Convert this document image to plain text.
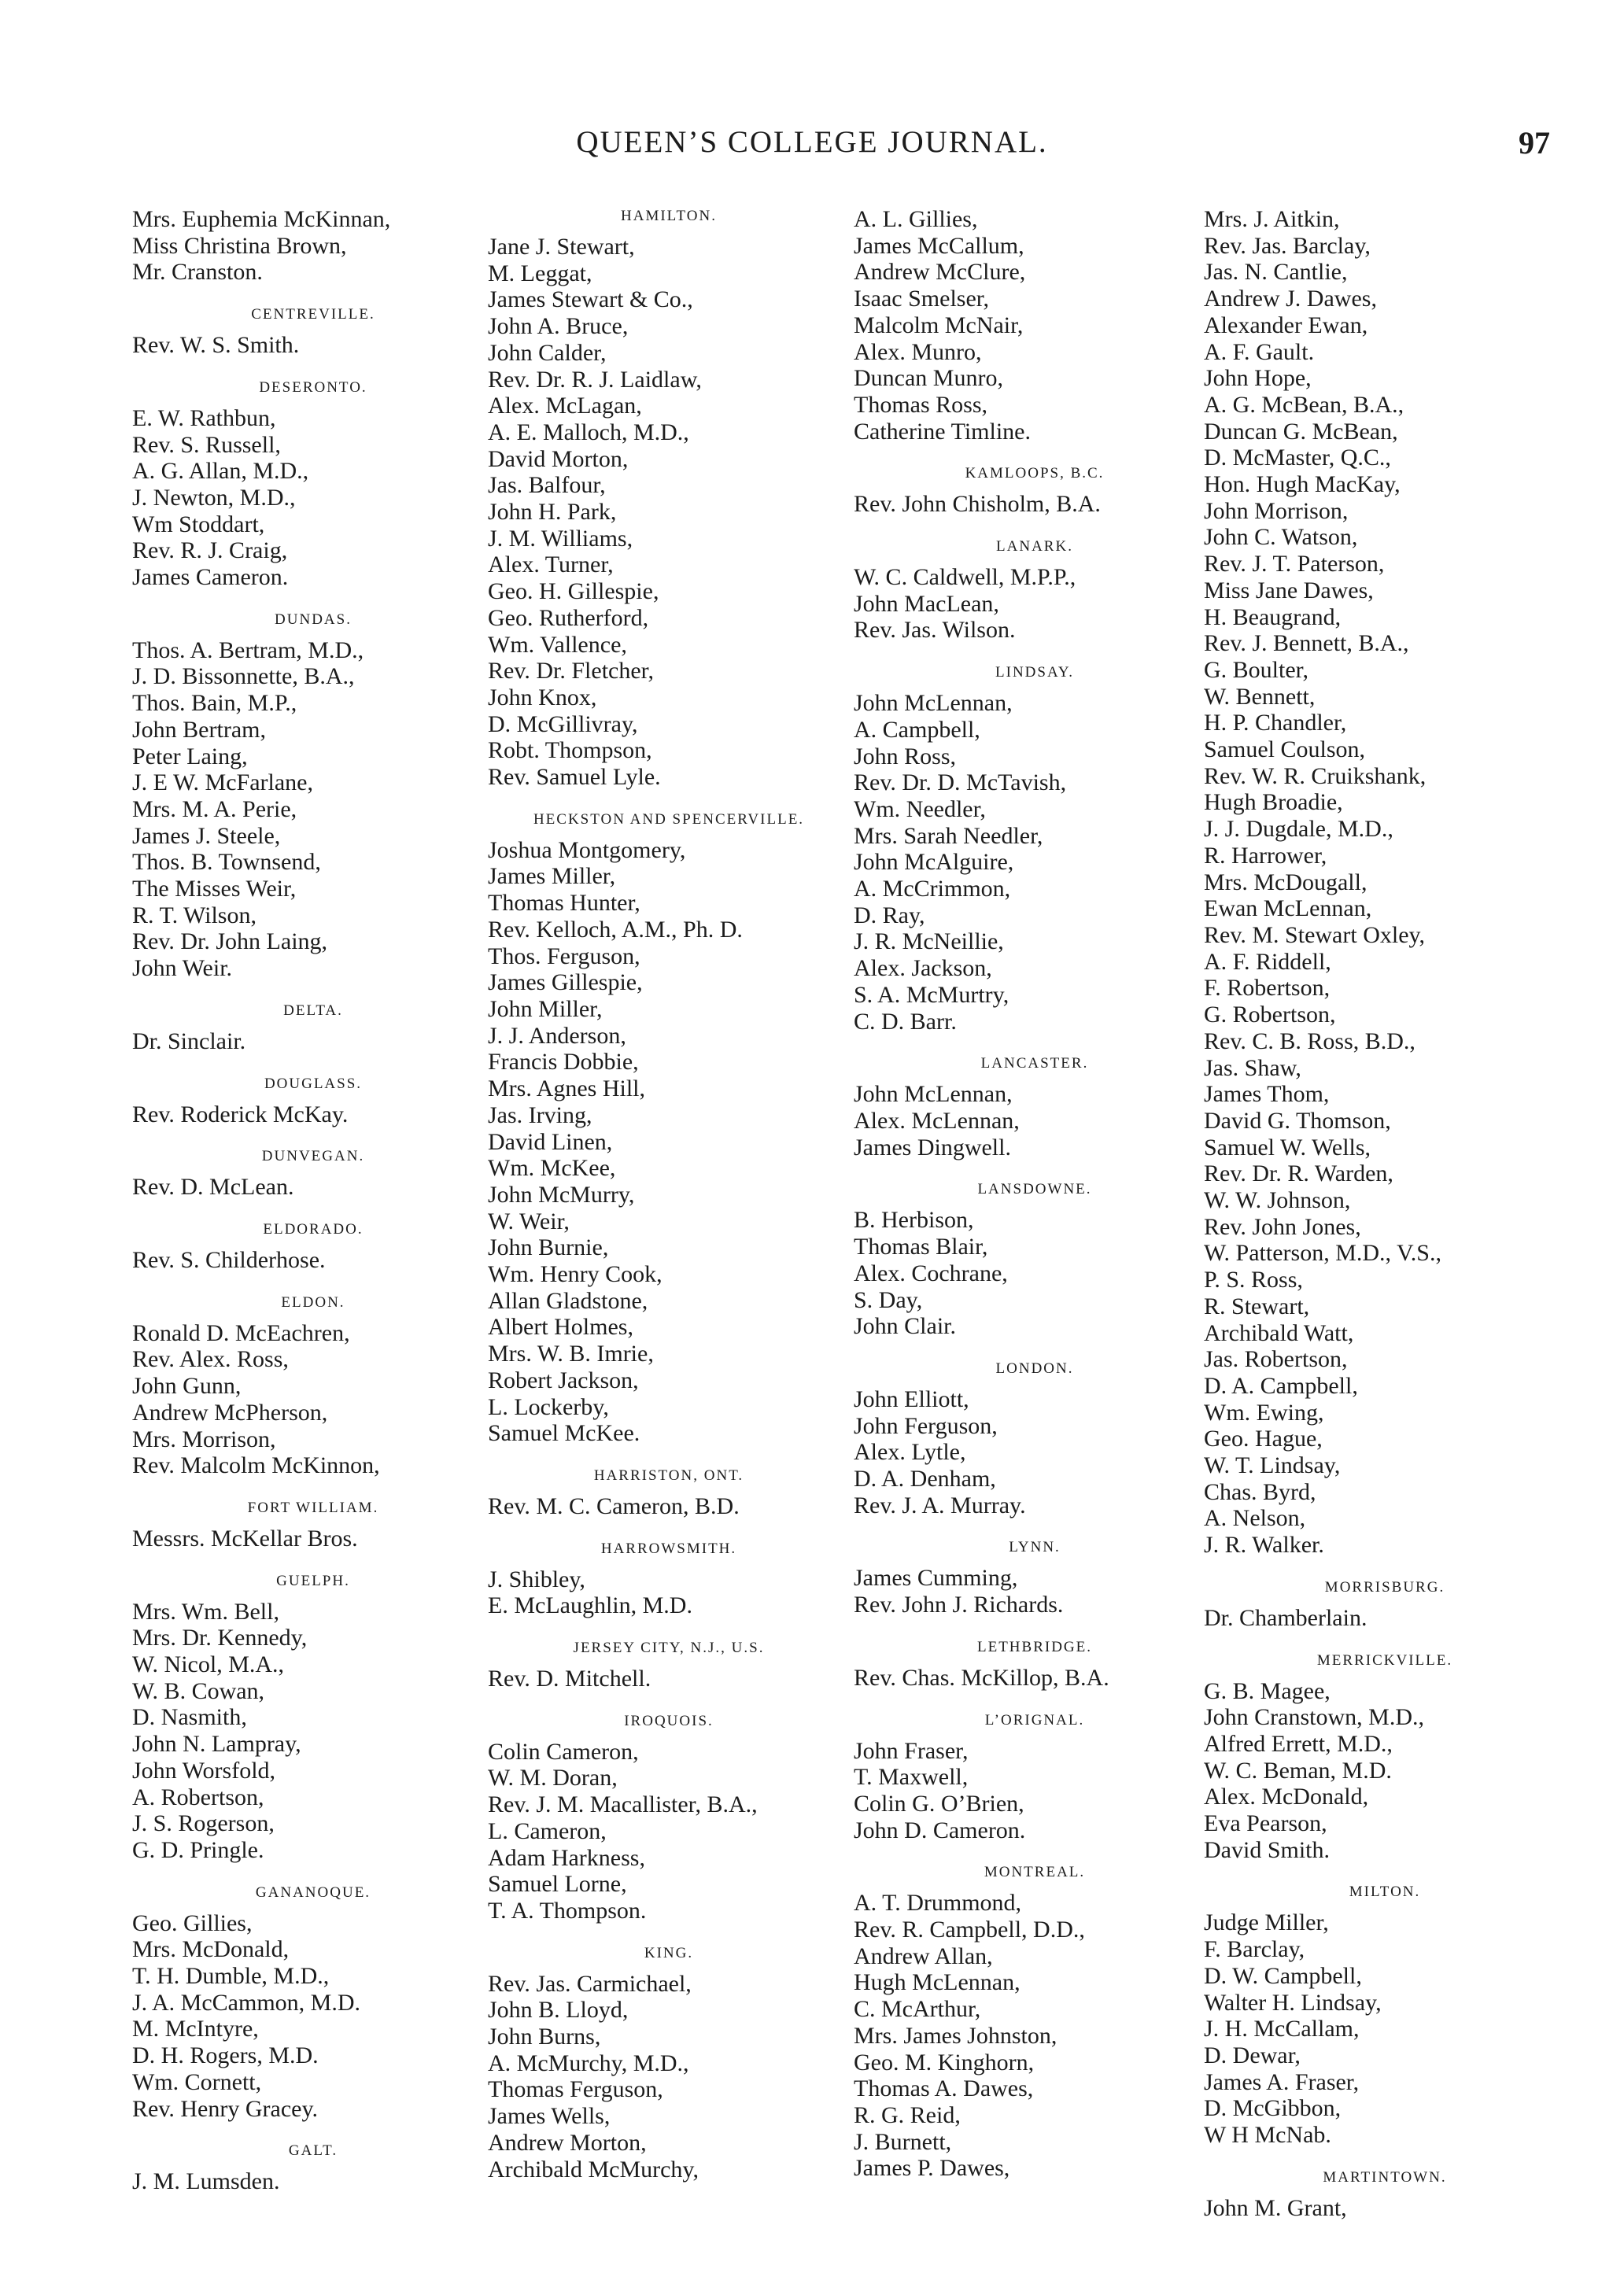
QUEEN’S COLLEGE JOURNAL.	97
Mrs. Euphemia McKinnan,
Miss Christina Brown,
Mr. Cranston.
CENTREVILLE.
Rev. W. S. Smith.
DESERONTO.
E. W. Rathbun,
Rev. S. Russell,
A. G. Allan, M.D.,
J. Newton, M.D.,
Wm Stoddart,
Rev. R. J. Craig,
James Cameron.
DUNDAS.
Thos. A. Bertram, M.D.,
J. D. Bissonnette, B.A.,
Thos. Bain, M.P.,
John Bertram,
Peter Laing,
J. E W. McFarlane,
Mrs. M. A. Perie,
James J. Steele,
Thos. B. Townsend,
The Misses Weir,
R. T. Wilson,
Rev. Dr. John Laing,
John Weir.
DELTA.
Dr. Sinclair.
DOUGLASS.
Rev. Roderick McKay.
DUNVEGAN.
Rev. D. McLean.
ELDORADO.
Rev. S. Childerhose.
ELDON.
Ronald D. McEachren,
Rev. Alex. Ross,
John Gunn,
Andrew McPherson,
Mrs. Morrison,
Rev. Malcolm McKinnon,
FORT WILLIAM.
Messrs. McKellar Bros.
GUELPH.
Mrs. Wm. Bell,
Mrs. Dr. Kennedy,
W. Nicol, M.A.,
W. B. Cowan,
D. Nasmith,
John N. Lampray,
John Worsfold,
A. Robertson,
J. S. Rogerson,
G. D. Pringle.
GANANOQUE.
Geo. Gillies,
Mrs. McDonald,
T. H. Dumble, M.D.,
J. A. McCammon, M.D.
M. McIntyre,
D. H. Rogers, M.D.
Wm. Cornett,
Rev. Henry Gracey.
GALT.
J. M. Lumsden.
HAMILTON.
Jane J. Stewart,
M. Leggat,
James Stewart & Co.,
John A. Bruce,
John Calder,
Rev. Dr. R. J. Laidlaw,
Alex. McLagan,
A. E. Malloch, M.D.,
David Morton,
Jas. Balfour,
John H. Park,
J. M. Williams,
Alex. Turner,
Geo. H. Gillespie,
Geo. Rutherford,
Wm. Vallence,
Rev. Dr. Fletcher,
John Knox,
D. McGillivray,
Robt. Thompson,
Rev. Samuel Lyle.
HECKSTON AND SPENCERVILLE.
Joshua Montgomery,
James Miller,
Thomas Hunter,
Rev. Kelloch, A.M., Ph. D.
Thos. Ferguson,
James Gillespie,
John Miller,
J. J. Anderson,
Francis Dobbie,
Mrs. Agnes Hill,
Jas. Irving,
David Linen,
Wm. McKee,
John McMurry,
W. Weir,
John Burnie,
Wm. Henry Cook,
Allan Gladstone,
Albert Holmes,
Mrs. W. B. Imrie,
Robert Jackson,
L. Lockerby,
Samuel McKee.
HARRISTON, ONT.
Rev. M. C. Cameron, B.D.
HARROWSMITH.
J. Shibley,
E. McLaughlin, M.D.
JERSEY CITY, N.J., U.S.
Rev. D. Mitchell.
IROQUOIS.
Colin Cameron,
W. M. Doran,
Rev. J. M. Macallister, B.A.,
L. Cameron,
Adam Harkness,
Samuel Lorne,
T. A. Thompson.
KING.
Rev. Jas. Carmichael,
John B. Lloyd,
John Burns,
A. McMurchy, M.D.,
Thomas Ferguson,
James Wells,
Andrew Morton,
Archibald McMurchy,
A. L. Gillies,
James McCallum,
Andrew McClure,
Isaac Smelser,
Malcolm McNair,
Alex. Munro,
Duncan Munro,
Thomas Ross,
Catherine Timline.
KAMLOOPS, B.C.
Rev. John Chisholm, B.A.
LANARK.
W. C. Caldwell, M.P.P.,
John MacLean,
Rev. Jas. Wilson.
LINDSAY.
John McLennan,
A. Campbell,
John Ross,
Rev. Dr. D. McTavish,
Wm. Needler,
Mrs. Sarah Needler,
John McAlguire,
A. McCrimmon,
D. Ray,
J. R. McNeillie,
Alex. Jackson,
S. A. McMurtry,
C. D. Barr.
LANCASTER.
John McLennan,
Alex. McLennan,
James Dingwell.
LANSDOWNE.
B. Herbison,
Thomas Blair,
Alex. Cochrane,
S. Day,
John Clair.
LONDON.
John Elliott,
John Ferguson,
Alex. Lytle,
D. A. Denham,
Rev. J. A. Murray.
LYNN.
James Cumming,
Rev. John J. Richards.
LETHBRIDGE.
Rev. Chas. McKillop, B.A.
L’ORIGNAL.
John Fraser,
T. Maxwell,
Colin G. O’Brien,
John D. Cameron.
MONTREAL.
A. T. Drummond,
Rev. R. Campbell, D.D.,
Andrew Allan,
Hugh McLennan,
C. McArthur,
Mrs. James Johnston,
Geo. M. Kinghorn,
Thomas A. Dawes,
R. G. Reid,
J. Burnett,
James P. Dawes,
Mrs. J. Aitkin,
Rev. Jas. Barclay,
Jas. N. Cantlie,
Andrew J. Dawes,
Alexander Ewan,
A. F. Gault.
John Hope,
A. G. McBean, B.A.,
Duncan G. McBean,
D. McMaster, Q.C.,
Hon. Hugh MacKay,
John Morrison,
John C. Watson,
Rev. J. T. Paterson,
Miss Jane Dawes,
H. Beaugrand,
Rev. J. Bennett, B.A.,
G. Boulter,
W. Bennett,
H. P. Chandler,
Samuel Coulson,
Rev. W. R. Cruikshank,
Hugh Broadie,
J. J. Dugdale, M.D.,
R. Harrower,
Mrs. McDougall,
Ewan McLennan,
Rev. M. Stewart Oxley,
A. F. Riddell,
F. Robertson,
G. Robertson,
Rev. C. B. Ross, B.D.,
Jas. Shaw,
James Thom,
David G. Thomson,
Samuel W. Wells,
Rev. Dr. R. Warden,
W. W. Johnson,
Rev. John Jones,
W. Patterson, M.D., V.S.,
P. S. Ross,
R. Stewart,
Archibald Watt,
Jas. Robertson,
D. A. Campbell,
Wm. Ewing,
Geo. Hague,
W. T. Lindsay,
Chas. Byrd,
A. Nelson,
J. R. Walker.
MORRISBURG.
Dr. Chamberlain.
MERRICKVILLE.
G. B. Magee,
John Cranstown, M.D.,
Alfred Errett, M.D.,
W. C. Beman, M.D.
Alex. McDonald,
Eva Pearson,
David Smith.
MILTON.
Judge Miller,
F. Barclay,
D. W. Campbell,
Walter H. Lindsay,
J. H. McCallam,
D. Dewar,
James A. Fraser,
D. McGibbon,
W H McNab.
MARTINTOWN.
John M. Grant,
